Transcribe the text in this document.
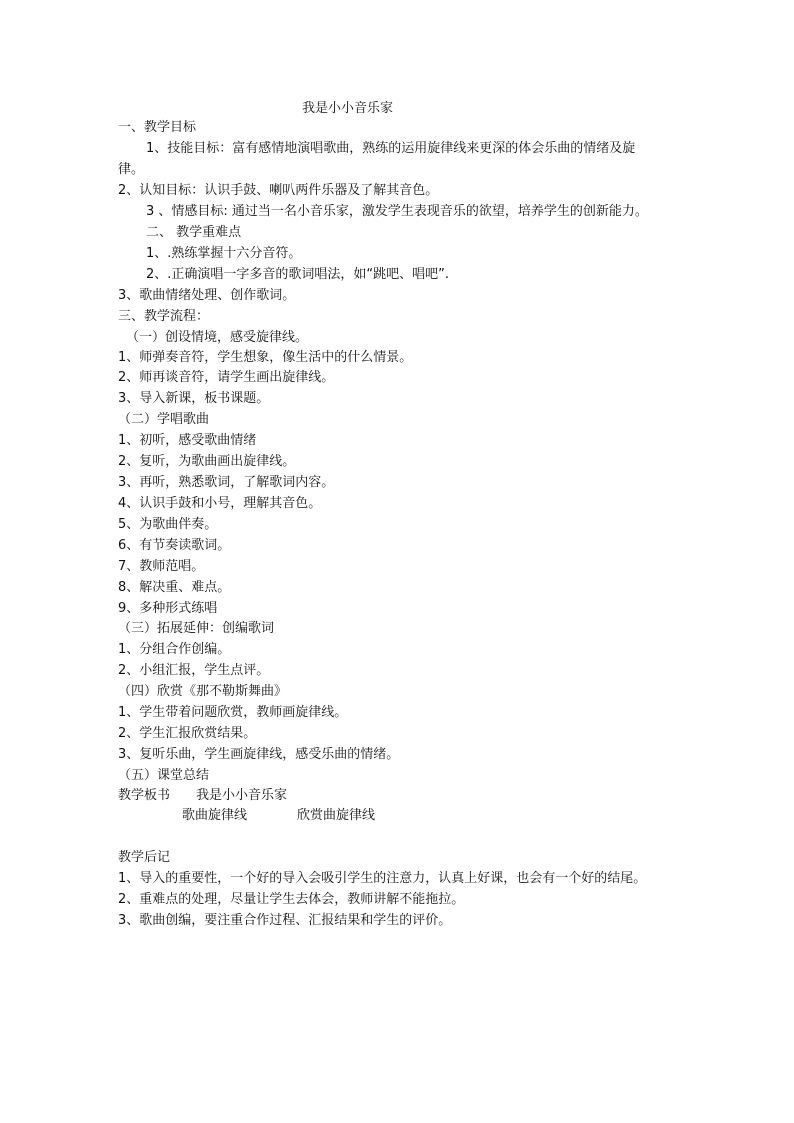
我是小小音乐家
一、教学目标
1、技能目标：富有感情地演唱歌曲，熟练的运用旋律线来更深的体会乐曲的情绪及旋
律。
2、认知目标：认识手鼓、喇叭两件乐器及了解其音色。
3 、情感目标: 通过当一名小音乐家，激发学生表现音乐的欲望，培养学生的创新能力。
二、 教学重难点
1、.熟练掌握十六分音符。
2、.正确演唱一字多音的歌词唱法，如“跳吧、唱吧”.
3、歌曲情绪处理、创作歌词。
三、教学流程：
（一）创设情境，感受旋律线。
1、师弹奏音符，学生想象，像生活中的什么情景。
2、师再谈音符，请学生画出旋律线。
3、导入新课，板书课题。
（二）学唱歌曲
1、初听，感受歌曲情绪
2、复听，为歌曲画出旋律线。
3、再听，熟悉歌词，了解歌词内容。
4、认识手鼓和小号，理解其音色。
5、为歌曲伴奏。
6、有节奏读歌词。
7、教师范唱。
8、解决重、难点。
9、多种形式练唱
（三）拓展延伸：创编歌词
1、分组合作创编。
2、小组汇报，学生点评。
（四）欣赏《那不勒斯舞曲》
1、学生带着问题欣赏，教师画旋律线。
2、学生汇报欣赏结果。
3、复听乐曲，学生画旋律线，感受乐曲的情绪。
（五）课堂总结
教学板书 我是小小音乐家
歌曲旋律线	欣赏曲旋律线
教学后记
1、导入的重要性，一个好的导入会吸引学生的注意力，认真上好课，也会有一个好的结尾。
2、重难点的处理，尽量让学生去体会，教师讲解不能拖拉。
3、歌曲创编，要注重合作过程、汇报结果和学生的评价。
